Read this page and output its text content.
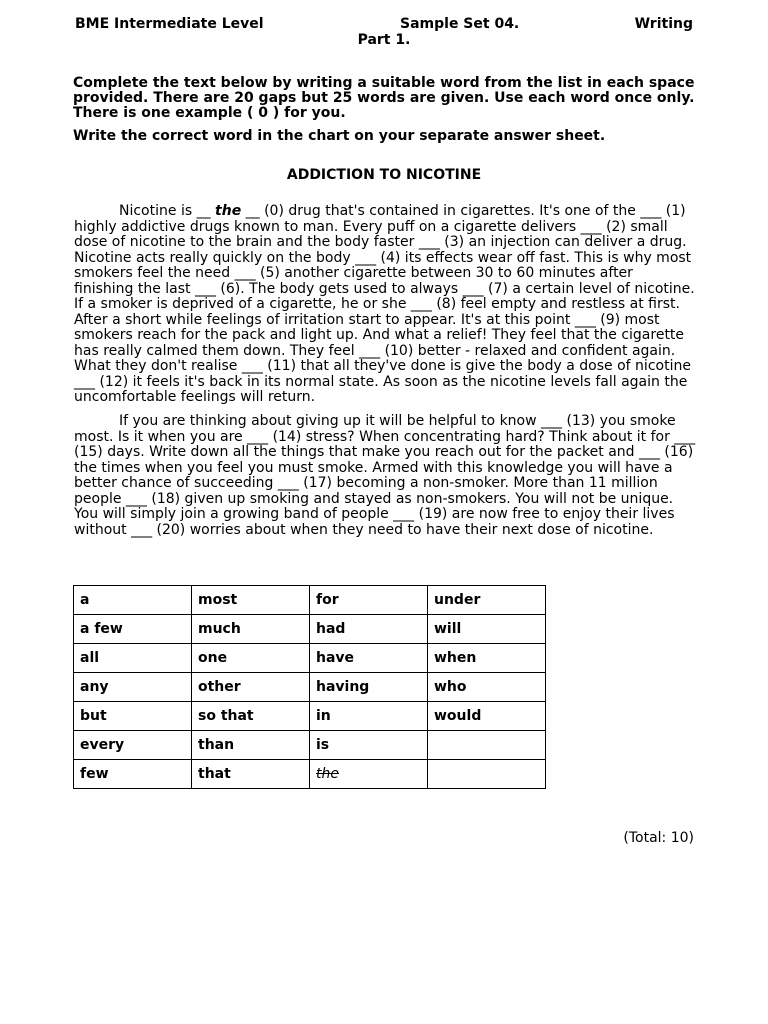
BME Intermediate Level	Sample Set 04.	Writing
Part 1.
Complete the text below by writing a suitable word from the list in each space provided. There are 20 gaps but 25 words are given. Use each word once only. There is one example ( 0 ) for you.
Write the correct word in the chart on your separate answer sheet.
ADDICTION TO NICOTINE

Nicotine is __ the __ (0) drug that's contained in cigarettes. It's one of the ___ (1) highly addictive drugs known to man. Every puff on a cigarette delivers ___ (2) small dose of nicotine to the brain and the body faster ___ (3) an injection can deliver a drug. Nicotine acts really quickly on the body ___ (4) its effects wear off fast. This is why most smokers feel the need ___ (5) another cigarette between 30 to 60 minutes after finishing the last ___ (6). The body gets used to always ___ (7) a certain level of nicotine. If a smoker is deprived of a cigarette, he or she ___ (8) feel empty and restless at first. After a short while feelings of irritation start to appear. It's at this point ___ (9) most smokers reach for the pack and light up. And what a relief! They feel that the cigarette has really calmed them down. They feel ___ (10) better - relaxed and confident again. What they don't realise ___ (11) that all they've done is give the body a dose of nicotine ___ (12) it feels it's back in its normal state. As soon as the nicotine levels fall again the uncomfortable feelings will return.

If you are thinking about giving up it will be helpful to know ___ (13) you smoke most. Is it when you are ___ (14) stress? When concentrating hard? Think about it for ___ (15) days. Write down all the things that make you reach out for the packet and ___ (16) the times when you feel you must smoke. Armed with this knowledge you will have a better chance of succeeding ___ (17) becoming a non-smoker. More than 11 million people ___ (18) given up smoking and stayed as non-smokers. You will not be unique. You will simply join a growing band of people ___ (19) are now free to enjoy their lives without ___ (20) worries about when they need to have their next dose of nicotine.

a	most	for	under
a few	much	had	will
all	one	have	when
any	other	having	who
but	so that	in	would
every	than	is	
few	that	the	
(Total: 10)
